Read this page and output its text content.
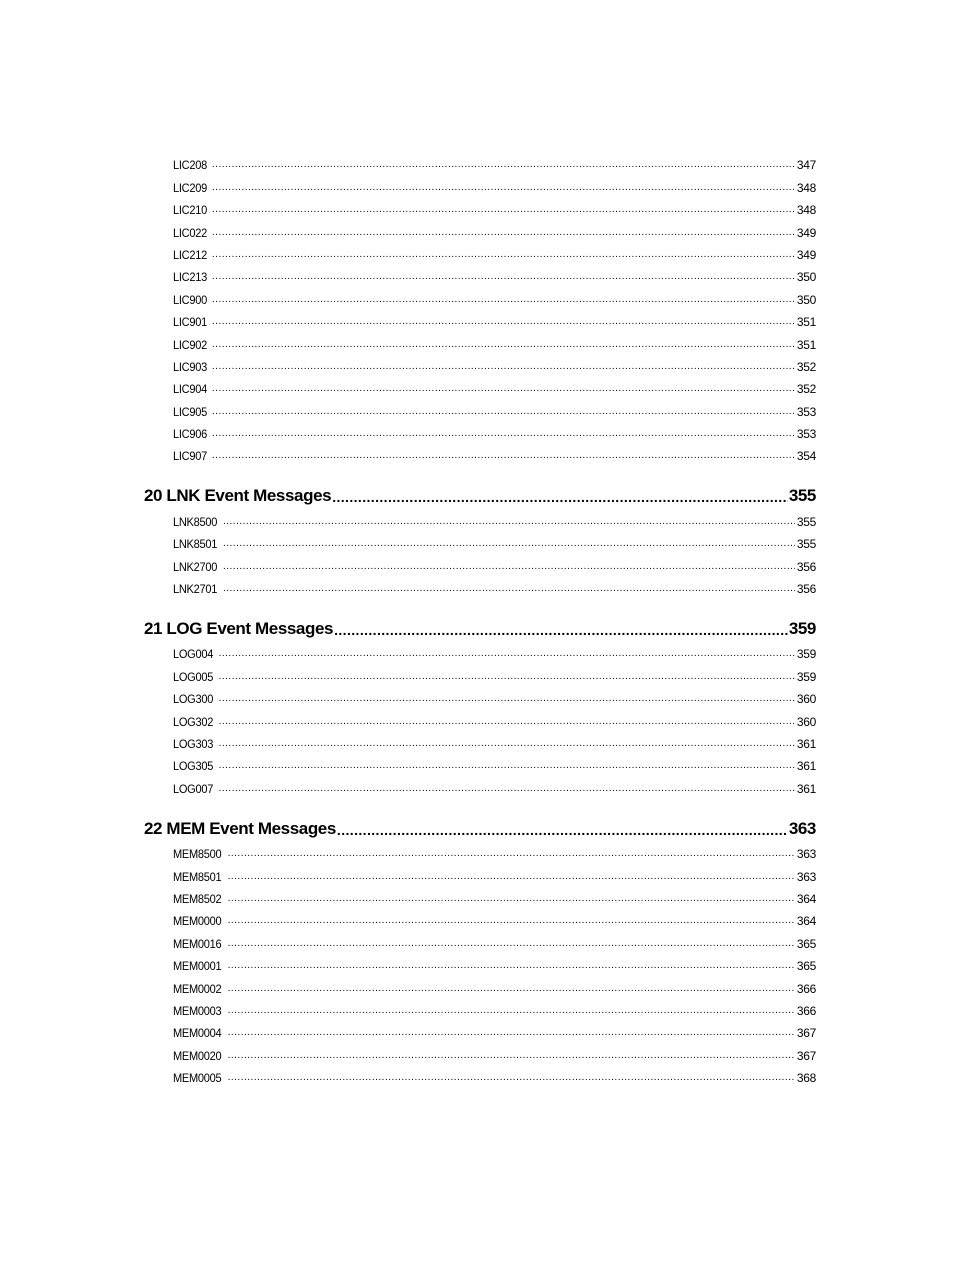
LIC208 .....	347
LIC209 .....	348
LIC210 .....	348
LIC022 .....	349
LIC212 .....	349
LIC213 .....	350
LIC900 .....	350
LIC901 .....	351
LIC902 .....	351
LIC903 .....	352
LIC904 .....	352
LIC905 .....	353
LIC906 .....	353
LIC907 .....	354
20 LNK Event Messages .....	355
LNK8500 .....	355
LNK8501 .....	355
LNK2700 .....	356
LNK2701 .....	356
21 LOG Event Messages .....	359
LOG004 .....	359
LOG005 .....	359
LOG300 .....	360
LOG302 .....	360
LOG303 .....	361
LOG305 .....	361
LOG007 .....	361
22 MEM Event Messages .....	363
MEM8500 .....	363
MEM8501 .....	363
MEM8502 .....	364
MEM0000 .....	364
MEM0016 .....	365
MEM0001 .....	365
MEM0002 .....	366
MEM0003 .....	366
MEM0004 .....	367
MEM0020 .....	367
MEM0005 .....	368
